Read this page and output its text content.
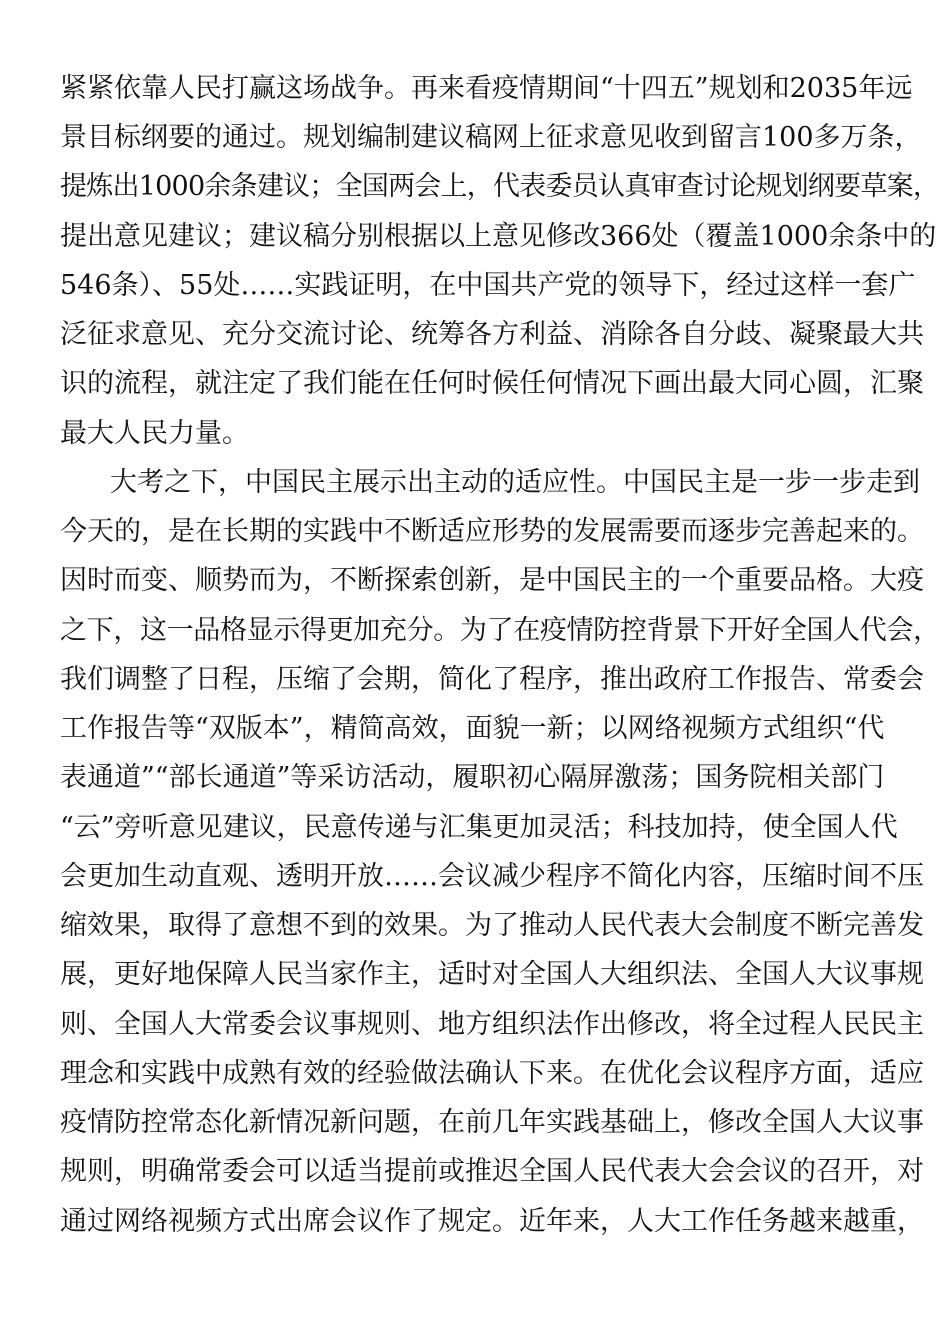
紧紧依靠人民打赢这场战争。再来看疫情期间“十四五”规划和2035年远
景目标纲要的通过。规划编制建议稿网上征求意见收到留言100多万条，
提炼出1000余条建议；全国两会上，代表委员认真审查讨论规划纲要草案，
提出意见建议；建议稿分别根据以上意见修改366处（覆盖1000余条中的
546条）、55处……实践证明，在中国共产党的领导下，经过这样一套广
泛征求意见、充分交流讨论、统筹各方利益、消除各自分歧、凝聚最大共
识的流程，就注定了我们能在任何时候任何情况下画出最大同心圆，汇聚
最大人民力量。
大考之下，中国民主展示出主动的适应性。中国民主是一步一步走到
今天的，是在长期的实践中不断适应形势的发展需要而逐步完善起来的。
因时而变、顺势而为，不断探索创新，是中国民主的一个重要品格。大疫
之下，这一品格显示得更加充分。为了在疫情防控背景下开好全国人代会，
我们调整了日程，压缩了会期，简化了程序，推出政府工作报告、常委会
工作报告等“双版本”，精简高效，面貌一新；以网络视频方式组织“代
表通道”“部长通道”等采访活动，履职初心隔屏激荡；国务院相关部门
“云”旁听意见建议，民意传递与汇集更加灵活；科技加持，使全国人代
会更加生动直观、透明开放……会议减少程序不简化内容，压缩时间不压
缩效果，取得了意想不到的效果。为了推动人民代表大会制度不断完善发
展，更好地保障人民当家作主，适时对全国人大组织法、全国人大议事规
则、全国人大常委会议事规则、地方组织法作出修改，将全过程人民民主
理念和实践中成熟有效的经验做法确认下来。在优化会议程序方面，适应
疫情防控常态化新情况新问题，在前几年实践基础上，修改全国人大议事
规则，明确常委会可以适当提前或推迟全国人民代表大会会议的召开，对
通过网络视频方式出席会议作了规定。近年来，人大工作任务越来越重，
